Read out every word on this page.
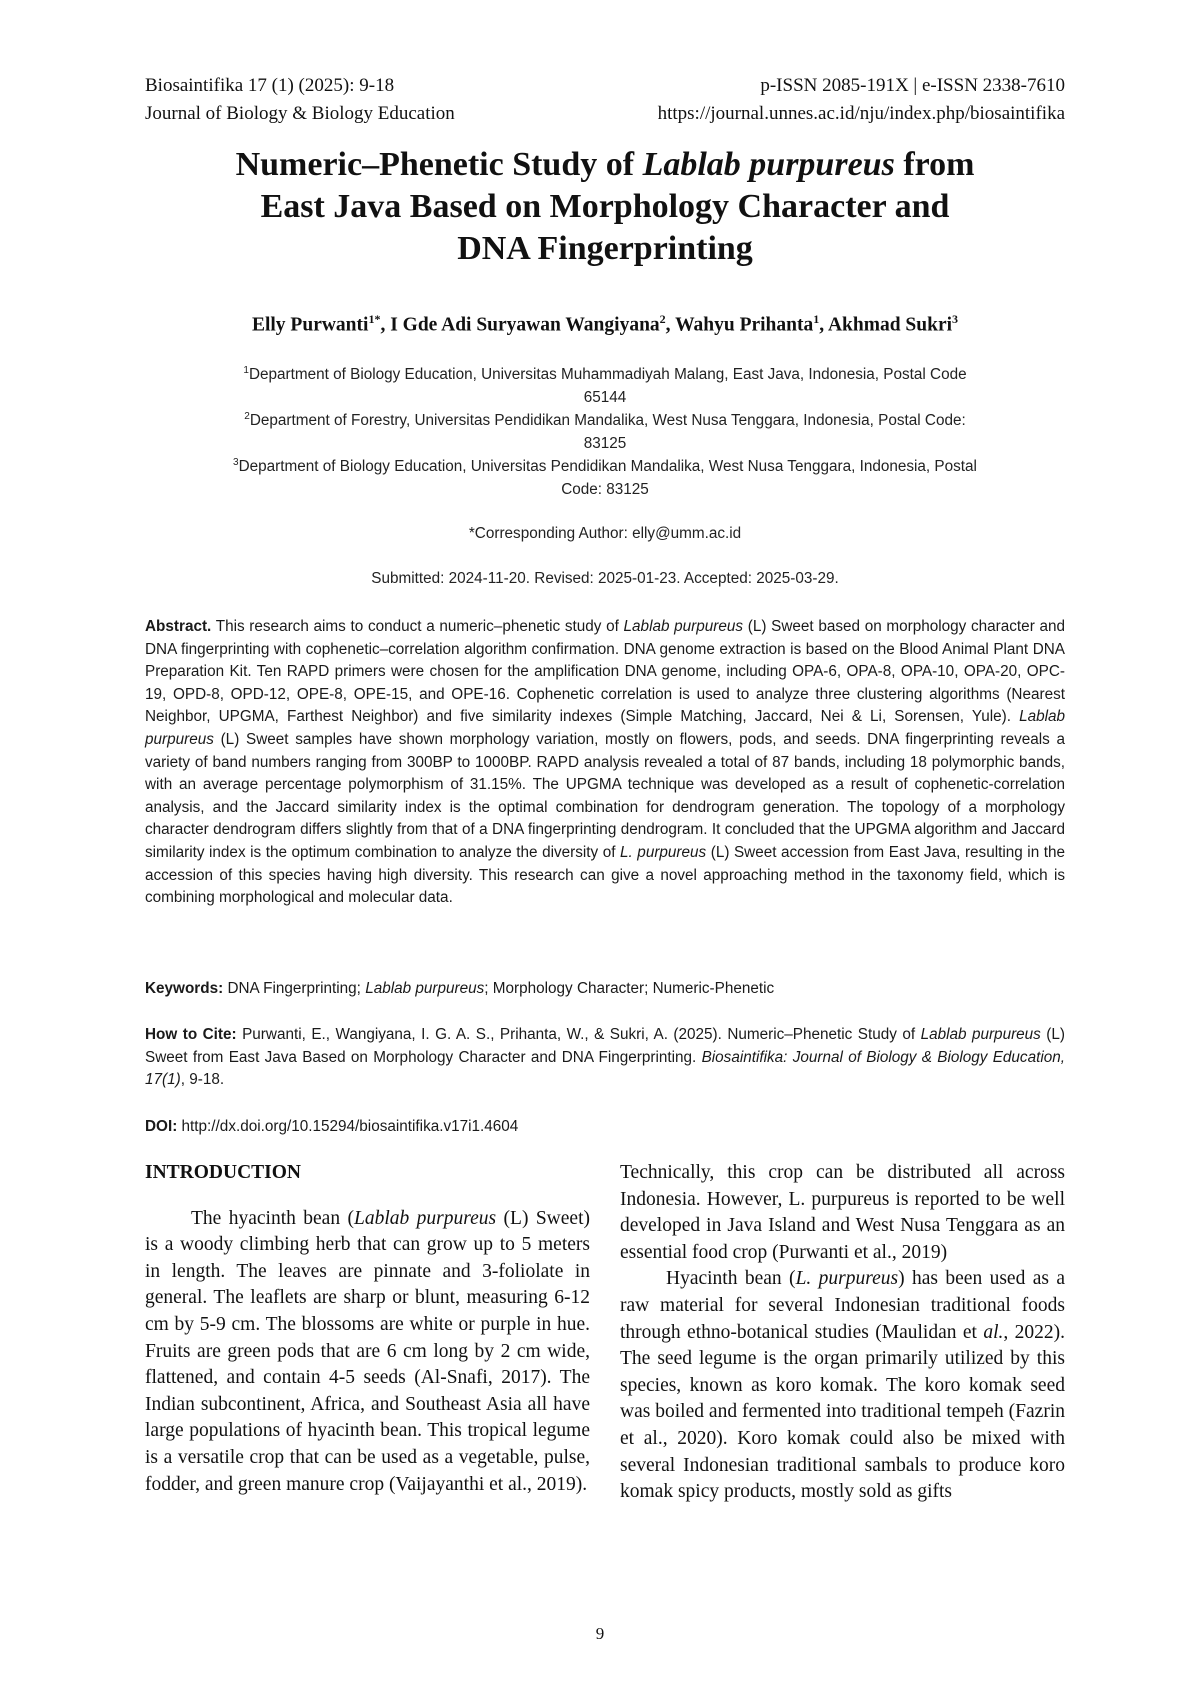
Biosaintifika 17 (1) (2025): 9-18	p-ISSN 2085-191X | e-ISSN 2338-7610
Journal of Biology & Biology Education	https://journal.unnes.ac.id/nju/index.php/biosaintifika
Numeric–Phenetic Study of Lablab purpureus from
East Java Based on Morphology Character and
DNA Fingerprinting
Elly Purwanti$^{1*}$, I Gde Adi Suryawan Wangiyana$^2$, Wahyu Prihanta$^1$, Akhmad Sukri$^3$
$^1$Department of Biology Education, Universitas Muhammadiyah Malang, East Java, Indonesia, Postal Code
65144
$^2$Department of Forestry, Universitas Pendidikan Mandalika, West Nusa Tenggara, Indonesia, Postal Code:
83125
$^3$Department of Biology Education, Universitas Pendidikan Mandalika, West Nusa Tenggara, Indonesia, Postal
Code: 83125
*Corresponding Author: elly@umm.ac.id
Submitted: 2024-11-20. Revised: 2025-01-23. Accepted: 2025-03-29.
Abstract. This research aims to conduct a numeric–phenetic study of Lablab purpureus (L) Sweet based on morphology character and DNA fingerprinting with cophenetic–correlation algorithm confirmation. DNA genome extraction is based on the Blood Animal Plant DNA Preparation Kit. Ten RAPD primers were chosen for the amplification DNA genome, including OPA-6, OPA-8, OPA-10, OPA-20, OPC-19, OPD-8, OPD-12, OPE-8, OPE-15, and OPE-16. Cophenetic correlation is used to analyze three clustering algorithms (Nearest Neighbor, UPGMA, Farthest Neighbor) and five similarity indexes (Simple Matching, Jaccard, Nei & Li, Sorensen, Yule). Lablab purpureus (L) Sweet samples have shown morphology variation, mostly on flowers, pods, and seeds. DNA fingerprinting reveals a variety of band numbers ranging from 300BP to 1000BP. RAPD analysis revealed a total of 87 bands, including 18 polymorphic bands, with an average percentage polymorphism of 31.15%. The UPGMA technique was developed as a result of cophenetic-correlation analysis, and the Jaccard similarity index is the optimal combination for dendrogram generation. The topology of a morphology character dendrogram differs slightly from that of a DNA fingerprinting dendrogram. It concluded that the UPGMA algorithm and Jaccard similarity index is the optimum combination to analyze the diversity of L. purpureus (L) Sweet accession from East Java, resulting in the accession of this species having high diversity. This research can give a novel approaching method in the taxonomy field, which is combining morphological and molecular data.
Keywords: DNA Fingerprinting; Lablab purpureus; Morphology Character; Numeric-Phenetic
How to Cite: Purwanti, E., Wangiyana, I. G. A. S., Prihanta, W., & Sukri, A. (2025). Numeric–Phenetic Study of Lablab purpureus (L) Sweet from East Java Based on Morphology Character and DNA Fingerprinting. Biosaintifika: Journal of Biology & Biology Education, 17(1), 9-18.
DOI: http://dx.doi.org/10.15294/biosaintifika.v17i1.4604
INTRODUCTION

The hyacinth bean (Lablab purpureus (L) Sweet) is a woody climbing herb that can grow up to 5 meters in length. The leaves are pinnate and 3-foliolate in general. The leaflets are sharp or blunt, measuring 6-12 cm by 5-9 cm. The blossoms are white or purple in hue. Fruits are green pods that are 6 cm long by 2 cm wide, flattened, and contain 4-5 seeds (Al-Snafi, 2017). The Indian subcontinent, Africa, and Southeast Asia all have large populations of hyacinth bean. This tropical legume is a versatile crop that can be used as a vegetable, pulse, fodder, and green manure crop (Vaijayanthi et al., 2019).

Technically, this crop can be distributed all across Indonesia. However, L. purpureus is reported to be well developed in Java Island and West Nusa Tenggara as an essential food crop (Purwanti et al., 2019)

Hyacinth bean (L. purpureus) has been used as a raw material for several Indonesian traditional foods through ethno-botanical studies (Maulidan et al., 2022). The seed legume is the organ primarily utilized by this species, known as koro komak. The koro komak seed was boiled and fermented into traditional tempeh (Fazrin et al., 2020). Koro komak could also be mixed with several Indonesian traditional sambals to produce koro komak spicy products, mostly sold as gifts

9
